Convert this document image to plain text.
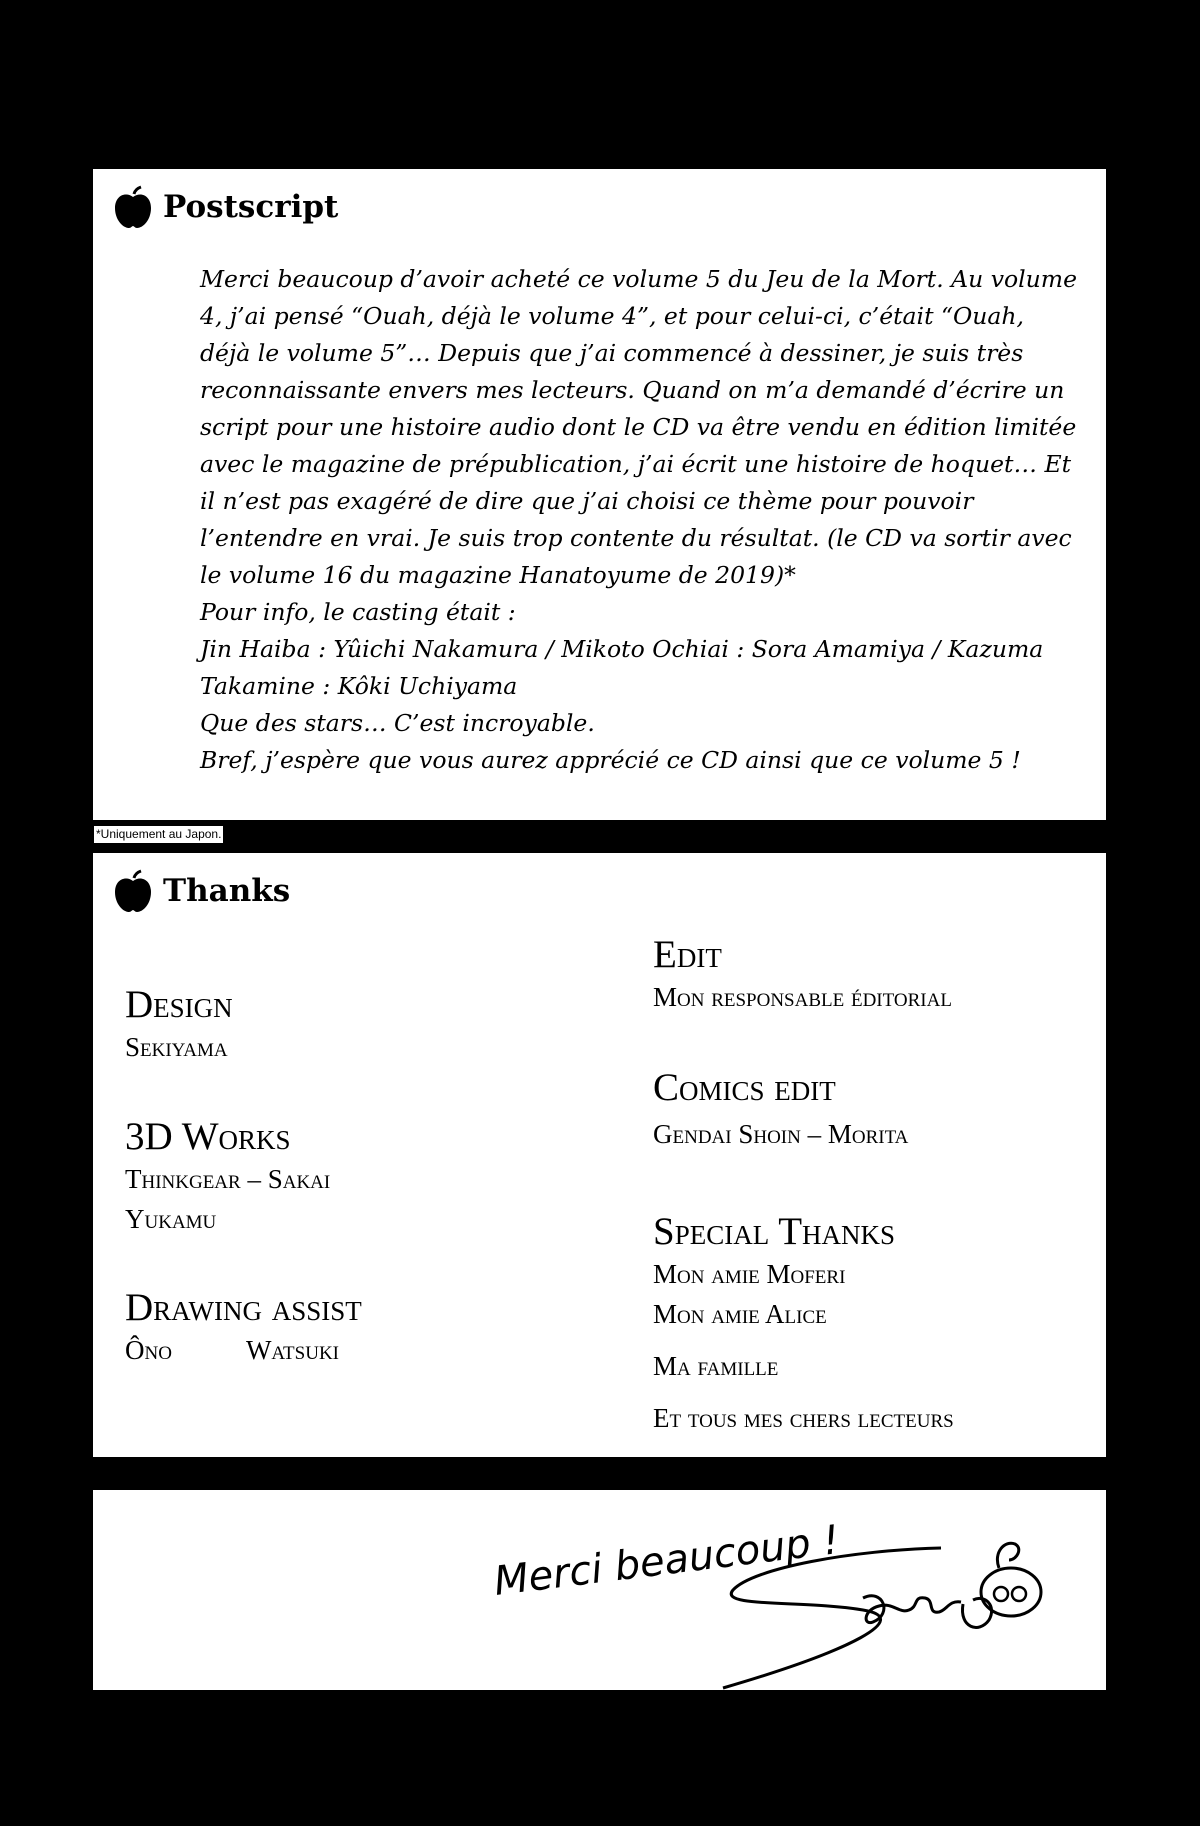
Postscript

Merci beaucoup d’avoir acheté ce volume 5 du Jeu de la Mort. Au volume 4, j’ai pensé “Ouah, déjà le volume 4”, et pour celui-ci, c’était “Ouah, déjà le volume 5”… Depuis que j’ai commencé à dessiner, je suis très reconnaissante envers mes lecteurs. Quand on m’a demandé d’écrire un script pour une histoire audio dont le CD va être vendu en édition limitée avec le magazine de prépublication, j’ai écrit une histoire de hoquet… Et il n’est pas exagéré de dire que j’ai choisi ce thème pour pouvoir l’entendre en vrai. Je suis trop contente du résultat. (le CD va sortir avec le volume 16 du magazine Hanatoyume de 2019)*

Pour info, le casting était :

Jin Haiba : Yûichi Nakamura / Mikoto Ochiai : Sora Amamiya / Kazuma Takamine : Kôki Uchiyama

Que des stars… C’est incroyable.

Bref, j’espère que vous aurez apprécié ce CD ainsi que ce volume 5 !

*Uniquement au Japon.
Thanks
Design
Sekiyama
3D Works
Thinkgear – Sakai
Yukamu
Drawing assist
Ôno	Watsuki
Edit
Mon responsable éditorial
Comics edit
Gendai Shoin – Morita
Special Thanks
Mon amie Moferi
Mon amie Alice
Ma famille
Et tous mes chers lecteurs
Merci beaucoup !
